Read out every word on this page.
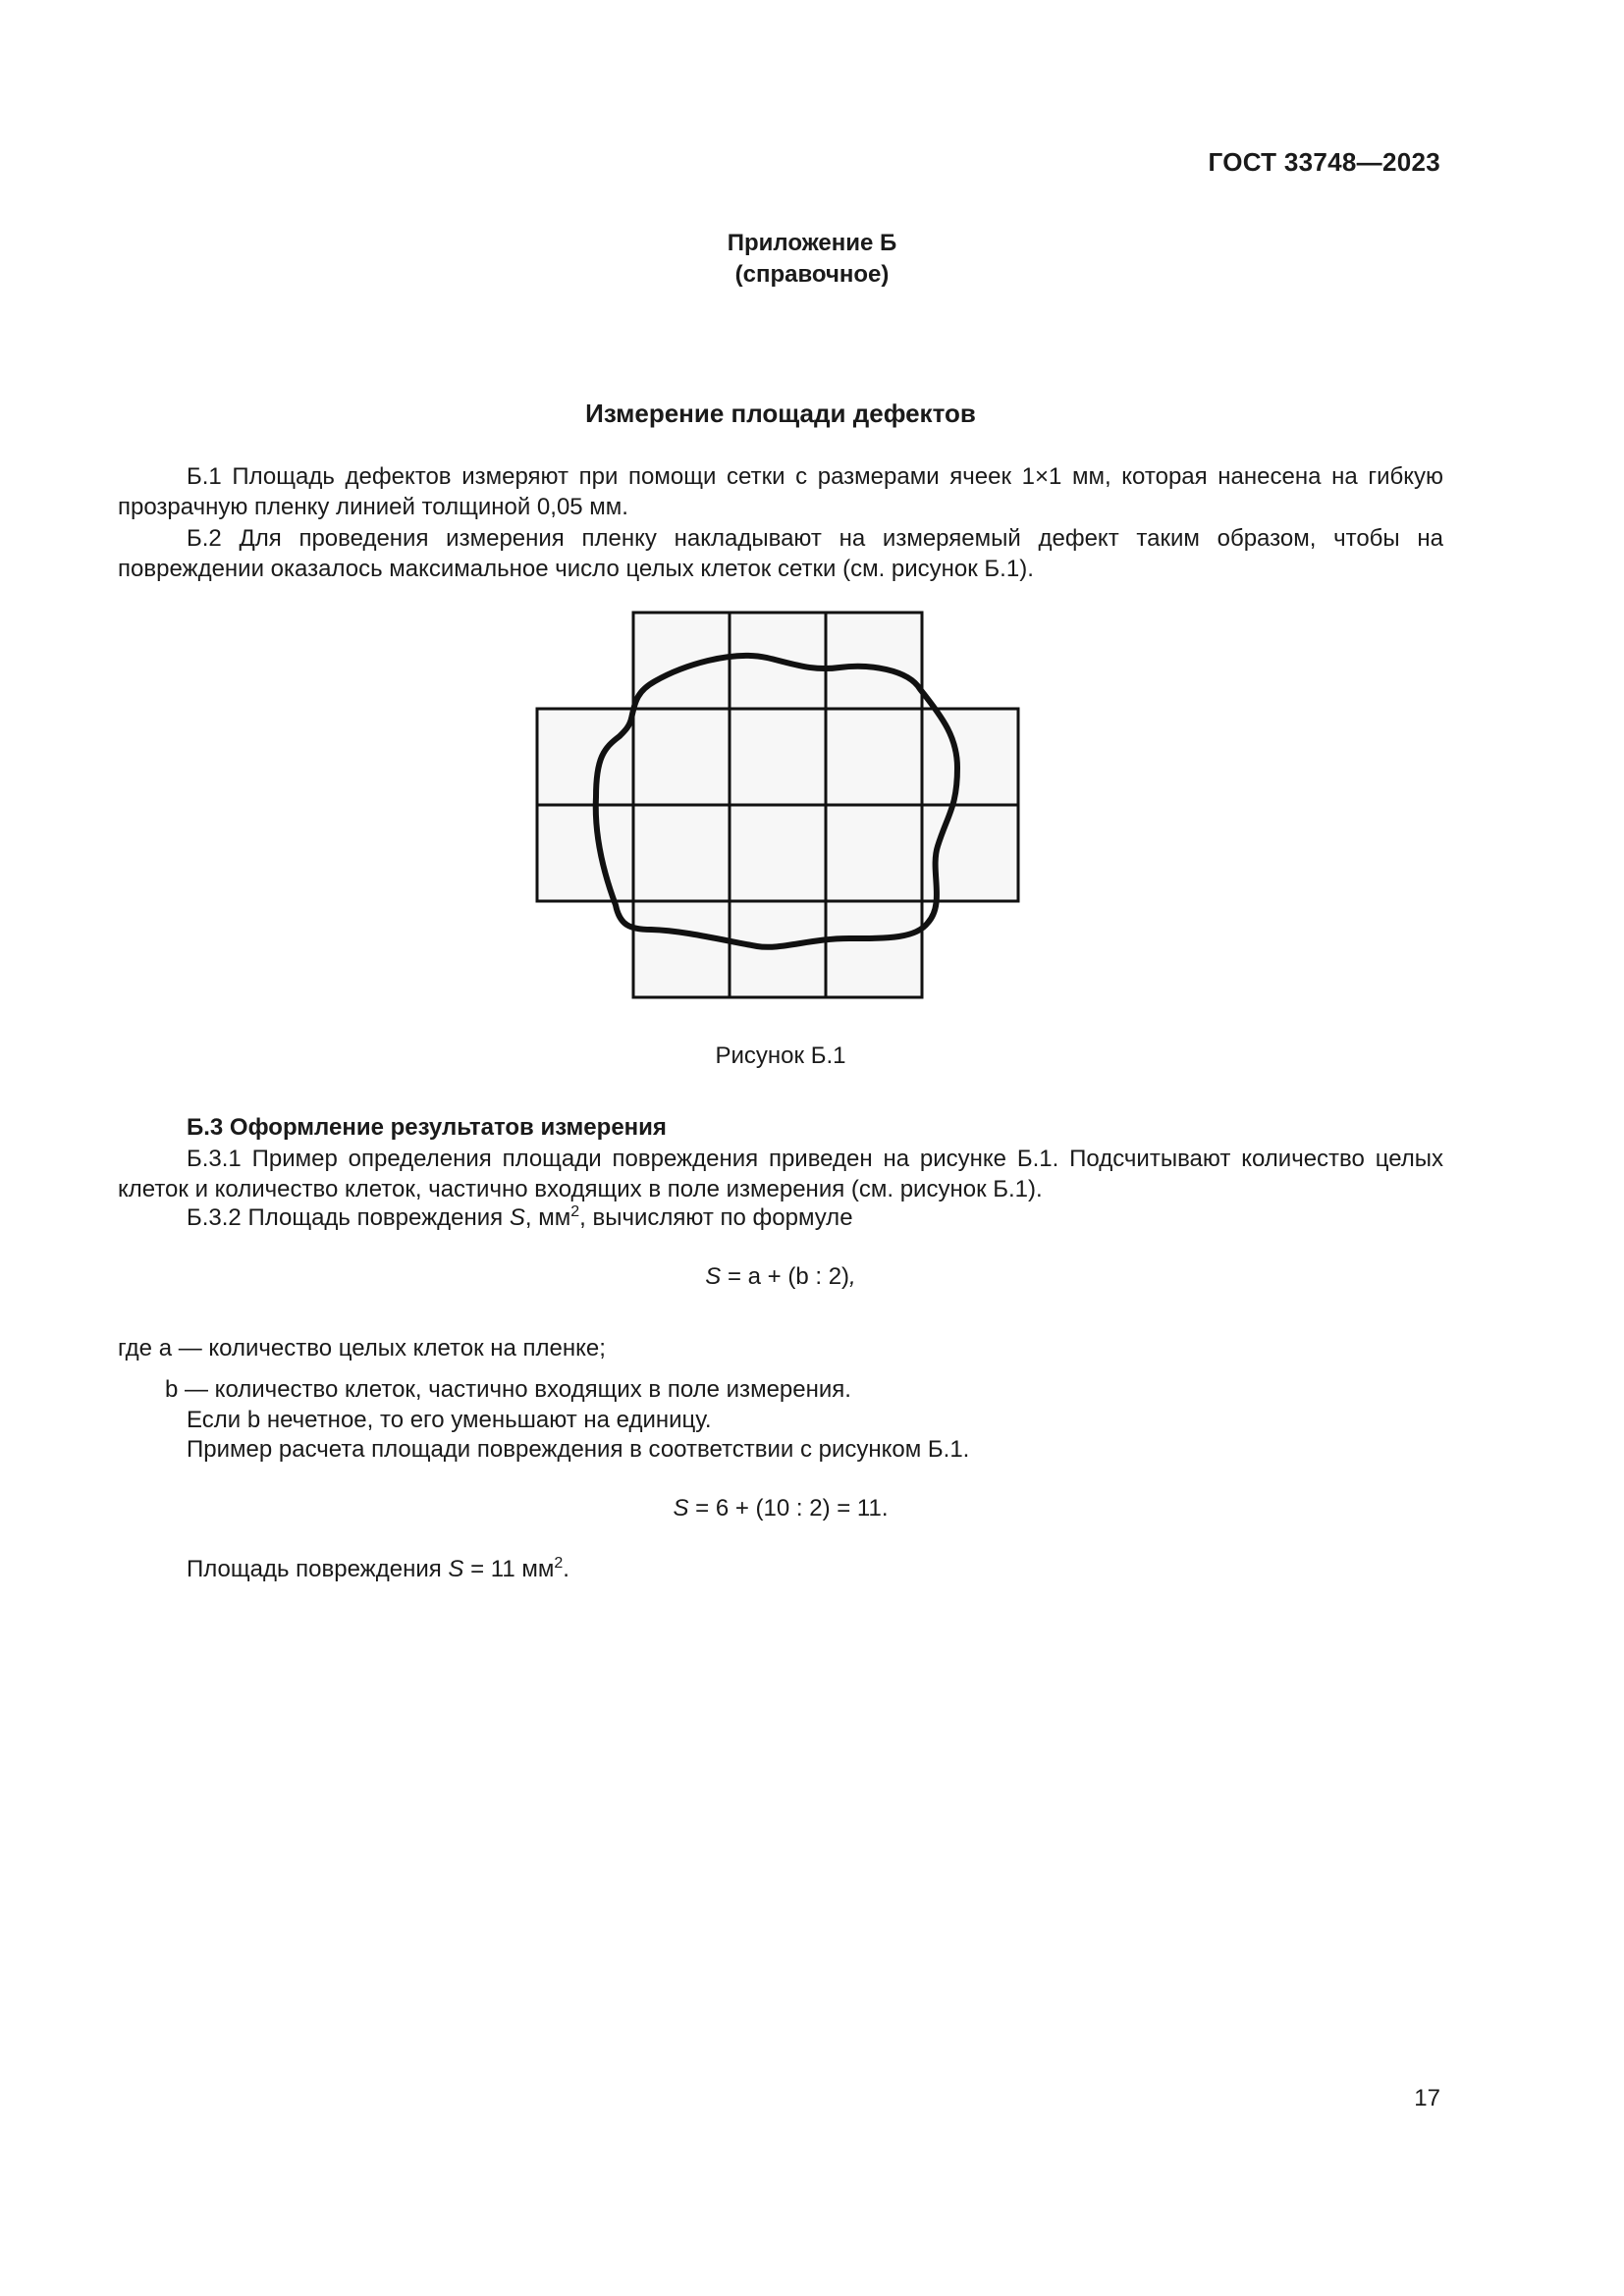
ГОСТ 33748—2023
Приложение Б
(справочное)
Измерение площади дефектов
Б.1 Площадь дефектов измеряют при помощи сетки с размерами ячеек 1×1 мм, которая нанесена на гибкую прозрачную пленку линией толщиной 0,05 мм.
Б.2 Для проведения измерения пленку накладывают на измеряемый дефект таким образом, чтобы на повреждении оказалось максимальное число целых клеток сетки (см. рисунок Б.1).
Рисунок Б.1
Б.3 Оформление результатов измерения
Б.3.1 Пример определения площади повреждения приведен на рисунке Б.1. Подсчитывают количество целых клеток и количество клеток, частично входящих в поле измерения (см. рисунок Б.1).
Б.3.2 Площадь повреждения S, $мм^2$, вычисляют по формуле
S = a + (b : 2),
где a — количество целых клеток на пленке;
b — количество клеток, частично входящих в поле измерения.
Если b нечетное, то его уменьшают на единицу.
Пример расчета площади повреждения в соответствии с рисунком Б.1.
S = 6 + (10 : 2) = 11.
Площадь повреждения S = 11 $мм^2$.
17
